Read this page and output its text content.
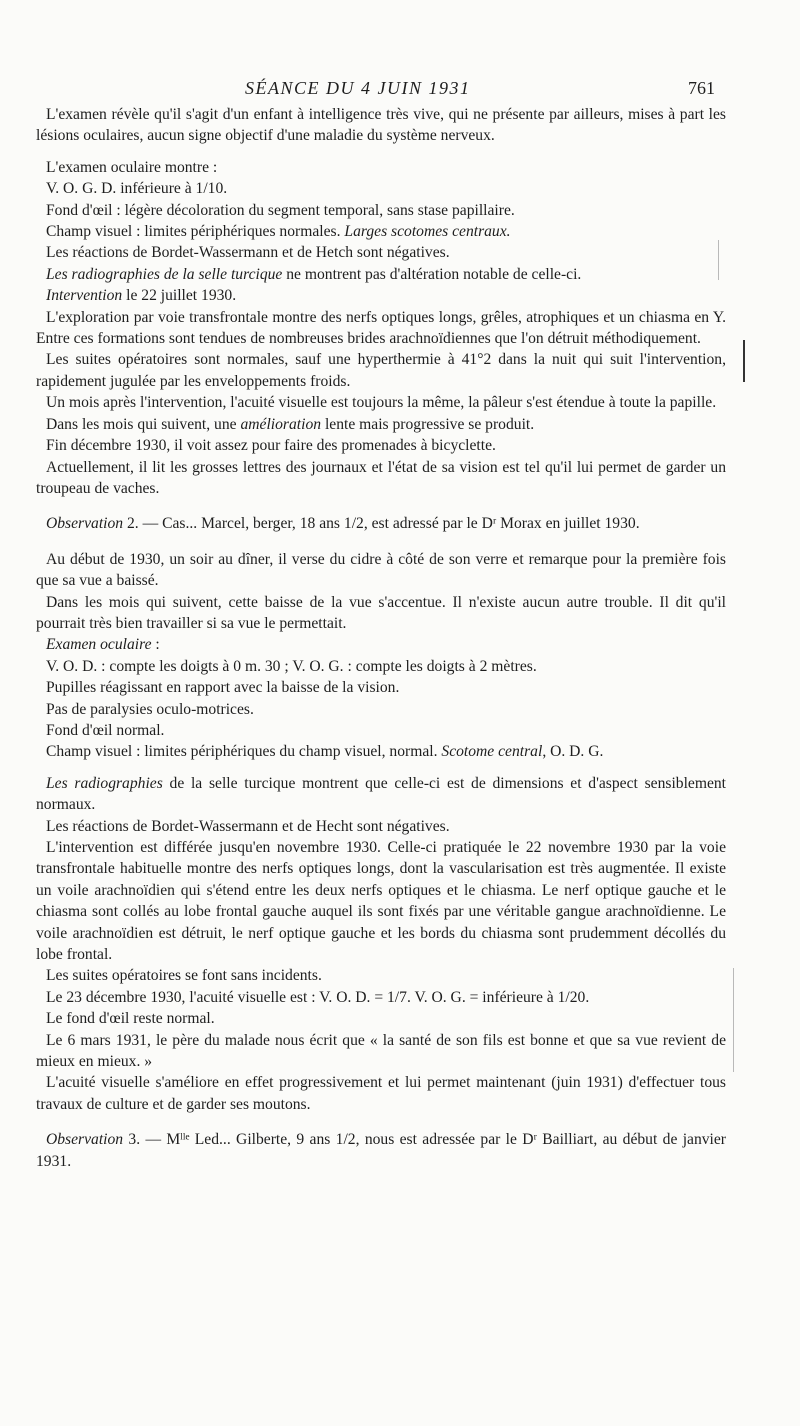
SÉANCE DU 4 JUIN 1931	761

L'examen révèle qu'il s'agit d'un enfant à intelligence très vive, qui ne présente par ailleurs, mises à part les lésions oculaires, aucun signe objectif d'une maladie du système nerveux.

L'examen oculaire montre :

V. O. G. D. inférieure à 1/10.

Fond d'œil : légère décoloration du segment temporal, sans stase papillaire.

Champ visuel : limites périphériques normales. Larges scotomes centraux.

Les réactions de Bordet-Wassermann et de Hetch sont négatives.

Les radiographies de la selle turcique ne montrent pas d'altération notable de celle-ci.

Intervention le 22 juillet 1930.

L'exploration par voie transfrontale montre des nerfs optiques longs, grêles, atrophiques et un chiasma en Y. Entre ces formations sont tendues de nombreuses brides arachnoïdiennes que l'on détruit méthodiquement.

Les suites opératoires sont normales, sauf une hyperthermie à 41°2 dans la nuit qui suit l'intervention, rapidement jugulée par les enveloppements froids.

Un mois après l'intervention, l'acuité visuelle est toujours la même, la pâleur s'est étendue à toute la papille.

Dans les mois qui suivent, une amélioration lente mais progressive se produit.

Fin décembre 1930, il voit assez pour faire des promenades à bicyclette.

Actuellement, il lit les grosses lettres des journaux et l'état de sa vision est tel qu'il lui permet de garder un troupeau de vaches.

Observation 2. — Cas... Marcel, berger, 18 ans 1/2, est adressé par le Dʳ Morax en juillet 1930.

Au début de 1930, un soir au dîner, il verse du cidre à côté de son verre et remarque pour la première fois que sa vue a baissé.

Dans les mois qui suivent, cette baisse de la vue s'accentue. Il n'existe aucun autre trouble. Il dit qu'il pourrait très bien travailler si sa vue le permettait.

Examen oculaire :

V. O. D. : compte les doigts à 0 m. 30 ; V. O. G. : compte les doigts à 2 mètres.

Pupilles réagissant en rapport avec la baisse de la vision.

Pas de paralysies oculo-motrices.

Fond d'œil normal.

Champ visuel : limites périphériques du champ visuel, normal. Scotome central, O. D. G.

Les radiographies de la selle turcique montrent que celle-ci est de dimensions et d'aspect sensiblement normaux.

Les réactions de Bordet-Wassermann et de Hecht sont négatives.

L'intervention est différée jusqu'en novembre 1930. Celle-ci pratiquée le 22 novembre 1930 par la voie transfrontale habituelle montre des nerfs optiques longs, dont la vascularisation est très augmentée. Il existe un voile arachnoïdien qui s'étend entre les deux nerfs optiques et le chiasma. Le nerf optique gauche et le chiasma sont collés au lobe frontal gauche auquel ils sont fixés par une véritable gangue arachnoïdienne. Le voile arachnoïdien est détruit, le nerf optique gauche et les bords du chiasma sont prudemment décollés du lobe frontal.

Les suites opératoires se font sans incidents.

Le 23 décembre 1930, l'acuité visuelle est : V. O. D. = 1/7. V. O. G. = inférieure à 1/20.

Le fond d'œil reste normal.

Le 6 mars 1931, le père du malade nous écrit que « la santé de son fils est bonne et que sa vue revient de mieux en mieux. »

L'acuité visuelle s'améliore en effet progressivement et lui permet maintenant (juin 1931) d'effectuer tous travaux de culture et de garder ses moutons.

Observation 3. — Mˡˡᵉ Led... Gilberte, 9 ans 1/2, nous est adressée par le Dʳ Bailliart, au début de janvier 1931.
